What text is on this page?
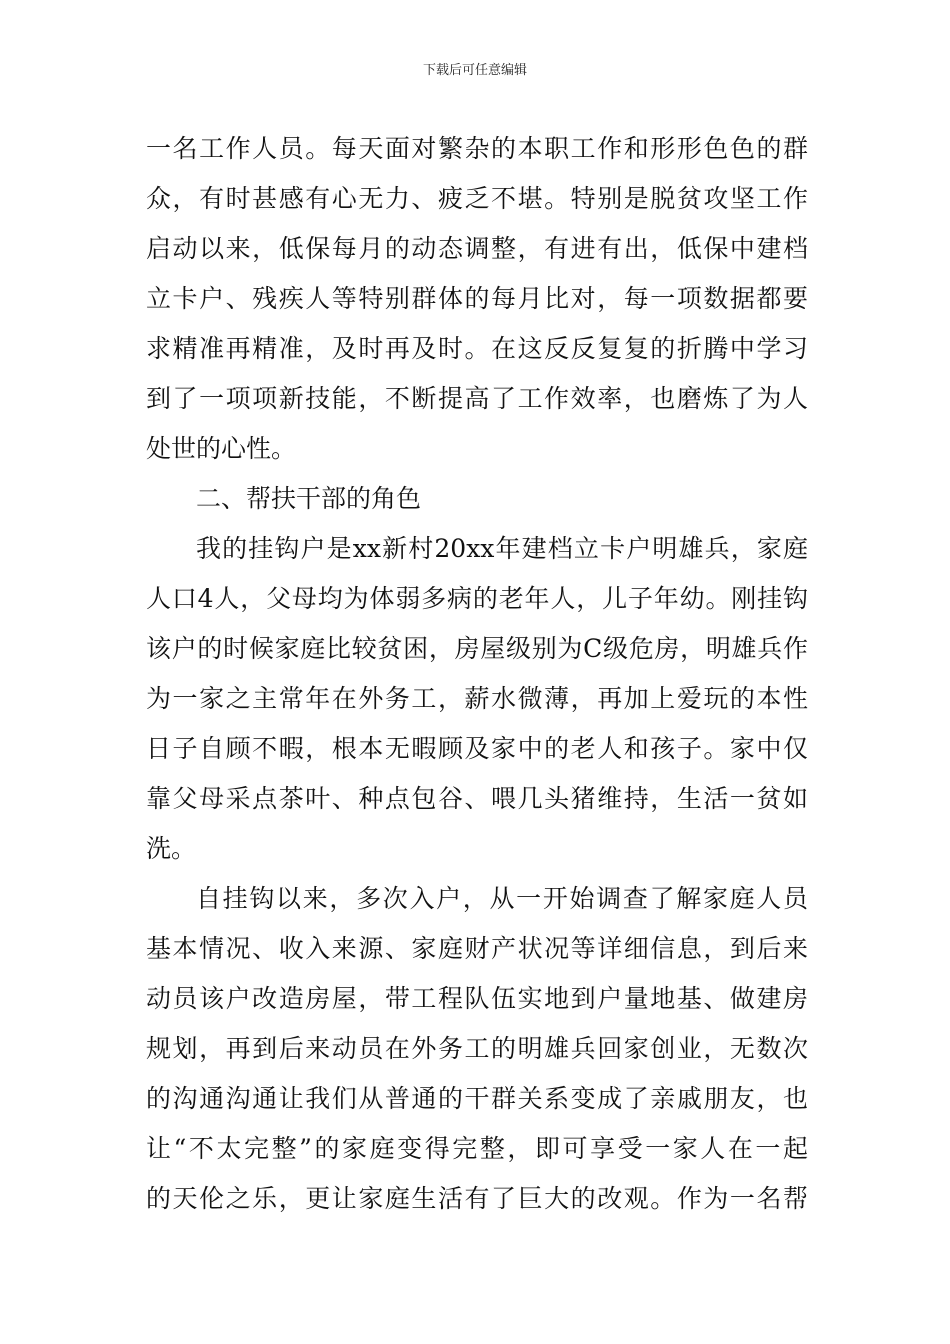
下载后可任意编辑
一名工作人员。每天面对繁杂的本职工作和形形色色的群
众，有时甚感有心无力、疲乏不堪。特别是脱贫攻坚工作
启动以来，低保每月的动态调整，有进有出，低保中建档
立卡户、残疾人等特别群体的每月比对，每一项数据都要
求精准再精准，及时再及时。在这反反复复的折腾中学习
到了一项项新技能，不断提高了工作效率，也磨炼了为人
处世的心性。
二、帮扶干部的角色
我的挂钩户是xx新村20xx年建档立卡户明雄兵，家庭
人口4人，父母均为体弱多病的老年人，儿子年幼。刚挂钩
该户的时候家庭比较贫困，房屋级别为C级危房，明雄兵作
为一家之主常年在外务工，薪水微薄，再加上爱玩的本性
日子自顾不暇，根本无暇顾及家中的老人和孩子。家中仅
靠父母采点茶叶、种点包谷、喂几头猪维持，生活一贫如
洗。
自挂钩以来，多次入户，从一开始调查了解家庭人员
基本情况、收入来源、家庭财产状况等详细信息，到后来
动员该户改造房屋，带工程队伍实地到户量地基、做建房
规划，再到后来动员在外务工的明雄兵回家创业，无数次
的沟通沟通让我们从普通的干群关系变成了亲戚朋友，也
让“不太完整”的家庭变得完整，即可享受一家人在一起
的天伦之乐，更让家庭生活有了巨大的改观。作为一名帮
